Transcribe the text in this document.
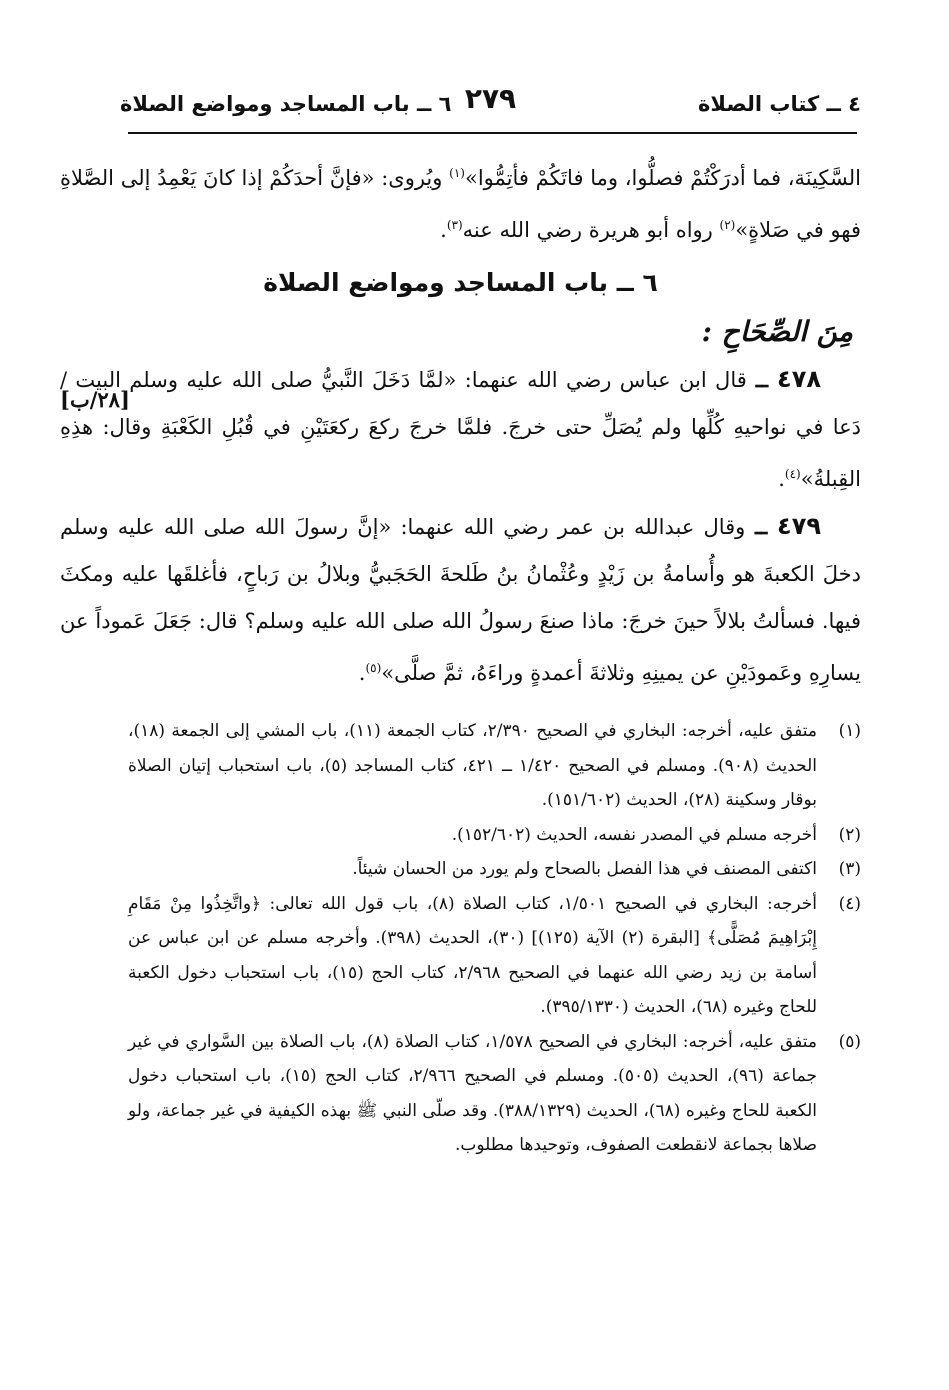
٤ ــ كتاب الصلاة
٢٧٩
٦ ــ باب المساجد ومواضع الصلاة
[٢٨/ب]

السَّكِينَة، فما أدرَكْتُمْ فصلُّوا، وما فاتَكُمْ فأتِمُّوا»$^{(١)}$ ويُروى: «فإنَّ أحدَكُمْ إذا كانَ يَعْمِدُ إلى الصَّلاةِ فهو في صَلاةٍ»$^{(٢)}$ رواه أبو هريرة رضي الله عنه$^{(٣)}$.

٦ ــ باب المساجد ومواضع الصلاة

مِنَ الصِّحَاحِ :

٤٧٨ ــ قال ابن عباس رضي الله عنهما: «لمَّا دَخَلَ النَّبيُّ صلى الله عليه وسلم البيت / دَعا في نواحيهِ كُلِّها ولم يُصَلِّ حتى خرجَ. فلمَّا خرجَ ركعَ ركعَتَيْنِ في قُبُلِ الكَعْبَةِ وقال: هذِهِ القِبلةُ»$^{(٤)}$.

٤٧٩ ــ وقال عبدالله بن عمر رضي الله عنهما: «إنَّ رسولَ الله صلى الله عليه وسلم دخلَ الكعبةَ هو وأُسامةُ بن زَيْدٍ وعُثْمانُ بنُ طَلحةَ الحَجَبيُّ وبلالُ بن رَباحٍ، فأغلقَها عليه ومكثَ فيها. فسألتُ بلالاً حينَ خرجَ: ماذا صنعَ رسولُ الله صلى الله عليه وسلم؟ قال: جَعَلَ عَموداً عن يسارِهِ وعَمودَيْنِ عن يمينِهِ وثلاثةَ أعمدةٍ وراءَهُ، ثمَّ صلَّى»$^{(٥)}$.

(١)
متفق عليه، أخرجه: البخاري في الصحيح ٢/٣٩٠، كتاب الجمعة (١١)، باب المشي إلى الجمعة (١٨)، الحديث (٩٠٨). ومسلم في الصحيح ١/٤٢٠ ــ ٤٢١، كتاب المساجد (٥)، باب استحباب إتيان الصلاة بوقار وسكينة (٢٨)، الحديث (١٥١/٦٠٢).

(٢)
أخرجه مسلم في المصدر نفسه، الحديث (١٥٢/٦٠٢).

(٣)
اكتفى المصنف في هذا الفصل بالصحاح ولم يورد من الحسان شيئاً.

(٤)
أخرجه: البخاري في الصحيح ١/٥٠١، كتاب الصلاة (٨)، باب قول الله تعالى: ﴿واتَّخِذُوا مِنْ مَقَامِ إِبْرَاهِيمَ مُصَلًّى﴾ [البقرة (٢) الآية (١٢٥)] (٣٠)، الحديث (٣٩٨). وأخرجه مسلم عن ابن عباس عن أسامة بن زيد رضي الله عنهما في الصحيح ٢/٩٦٨، كتاب الحج (١٥)، باب استحباب دخول الكعبة للحاج وغيره (٦٨)، الحديث (٣٩٥/١٣٣٠).

(٥)
متفق عليه، أخرجه: البخاري في الصحيح ١/٥٧٨، كتاب الصلاة (٨)، باب الصلاة بين السَّواري في غير جماعة (٩٦)، الحديث (٥٠٥). ومسلم في الصحيح ٢/٩٦٦، كتاب الحج (١٥)، باب استحباب دخول الكعبة للحاج وغيره (٦٨)، الحديث (٣٨٨/١٣٢٩). وقد صلّى النبي ﷺ بهذه الكيفية في غير جماعة، ولو صلاها بجماعة لانقطعت الصفوف، وتوحيدها مطلوب.
